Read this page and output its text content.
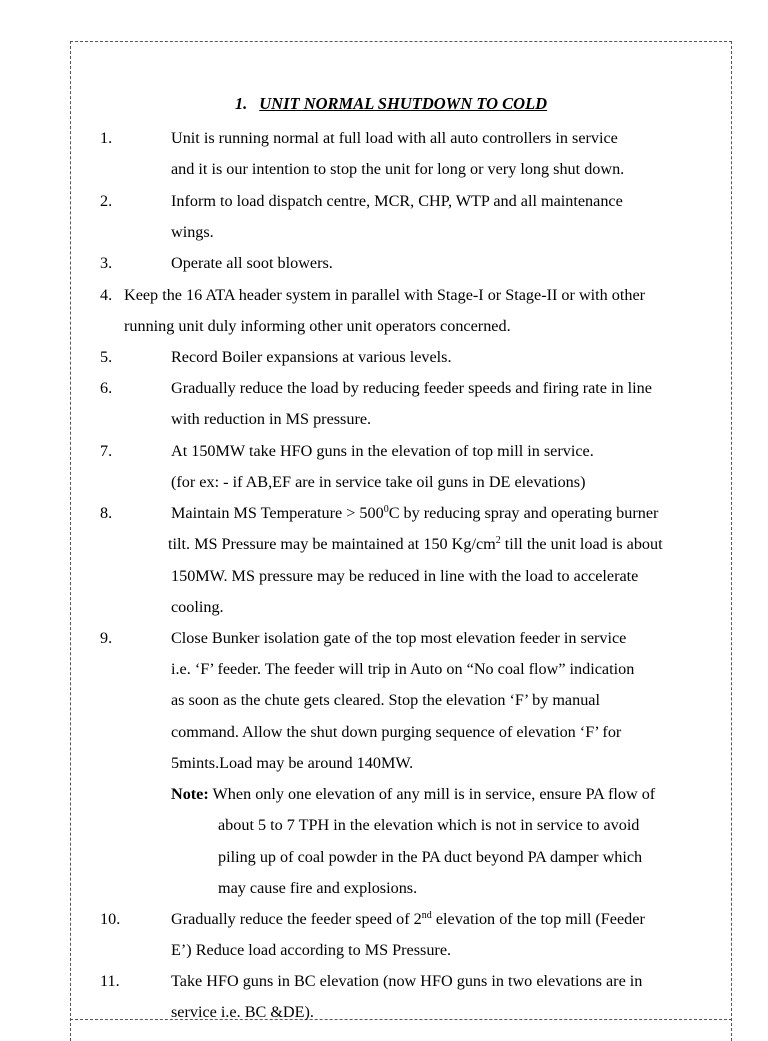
1. UNIT NORMAL SHUTDOWN TO COLD
1.	Unit is running normal at full load with all auto controllers in service
and it is our intention to stop the unit for long or very long shut down.
2.	Inform to load dispatch centre, MCR, CHP, WTP and all maintenance
wings.
3.	Operate all soot blowers.
4. Keep the 16 ATA header system in parallel with Stage-I or Stage-II or with other
running unit duly informing other unit operators concerned.
5.	Record Boiler expansions at various levels.
6.	Gradually reduce the load by reducing feeder speeds and firing rate in line
with reduction in MS pressure.
7.	At 150MW take HFO guns in the elevation of top mill in service.
(for ex: - if AB,EF are in service take oil guns in DE elevations)
8.	Maintain MS Temperature > $500^0C$ by reducing spray and operating burner
tilt. MS Pressure may be maintained at 150 $Kg/cm^2$ till the unit load is about
150MW. MS pressure may be reduced in line with the load to accelerate
cooling.
9.	Close Bunker isolation gate of the top most elevation feeder in service
i.e. ‘F’ feeder. The feeder will trip in Auto on “No coal flow” indication
as soon as the chute gets cleared. Stop the elevation ‘F’ by manual
command. Allow the shut down purging sequence of elevation ‘F’ for
5mints.Load may be around 140MW.
Note: When only one elevation of any mill is in service, ensure PA flow of
about 5 to 7 TPH in the elevation which is not in service to avoid
piling up of coal powder in the PA duct beyond PA damper which
may cause fire and explosions.
10.	Gradually reduce the feeder speed of 2nd elevation of the top mill (Feeder
E’) Reduce load according to MS Pressure.
11.	Take HFO guns in BC elevation (now HFO guns in two elevations are in
service i.e. BC &DE).
